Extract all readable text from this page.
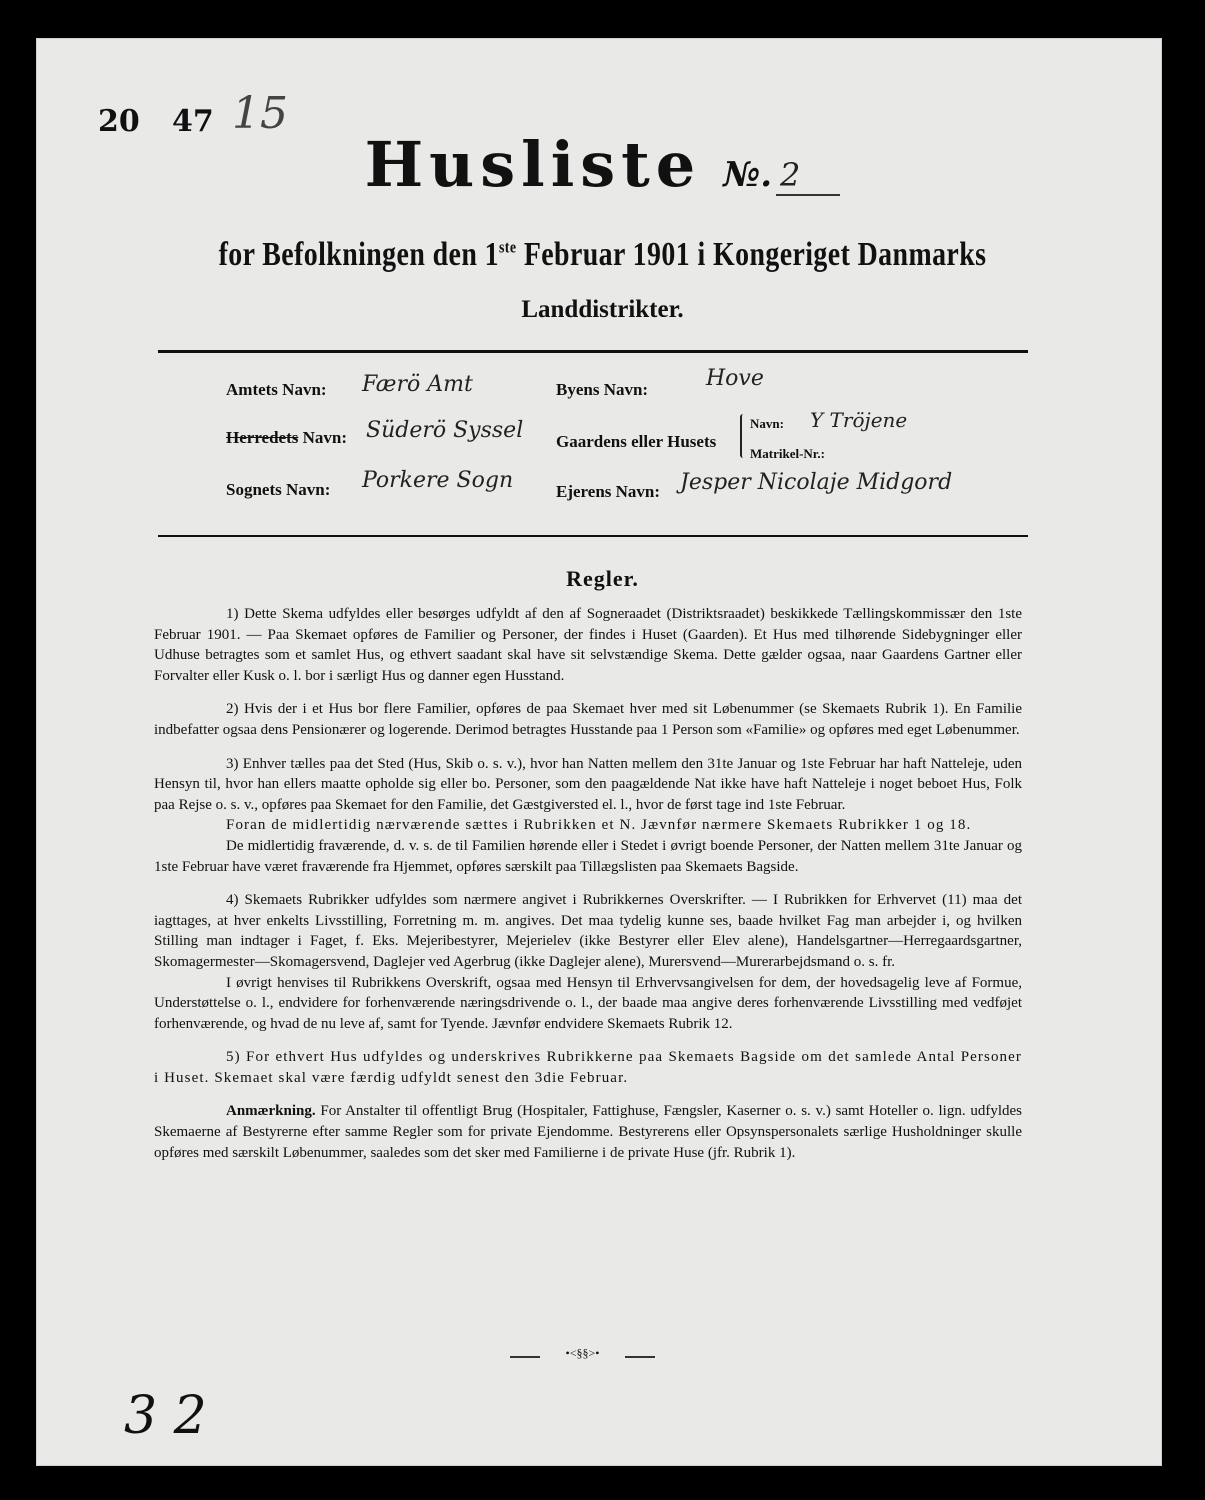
20 47 15
Husliste №. 2
for Befolkningen den 1ste Februar 1901 i Kongeriget Danmarks
Landdistrikter.
Amtets Navn: Færö Amt
Herredets Navn: Süderö Syssel
Sognets Navn: Porkere Sogn
Byens Navn:	Hove
Gaardens eller Husets
Navn: Y Tröjene
Matrikel-Nr.:
Ejerens Navn: Jesper Nicolaje Midgord
Regler.

1) Dette Skema udfyldes eller besørges udfyldt af den af Sogneraadet (Distriktsraadet) beskikkede Tællingskommissær den 1ste Februar 1901. — Paa Skemaet opføres de Familier og Personer, der findes i Huset (Gaarden). Et Hus med tilhørende Sidebygninger eller Udhuse betragtes som et samlet Hus, og ethvert saadant skal have sit selvstændige Skema. Dette gælder ogsaa, naar Gaardens Gartner eller Forvalter eller Kusk o. l. bor i særligt Hus og danner egen Husstand.

2) Hvis der i et Hus bor flere Familier, opføres de paa Skemaet hver med sit Løbenummer (se Skemaets Rubrik 1). En Familie indbefatter ogsaa dens Pensionærer og logerende. Derimod betragtes Husstande paa 1 Person som «Familie» og opføres med eget Løbenummer.

3) Enhver tælles paa det Sted (Hus, Skib o. s. v.), hvor han Natten mellem den 31te Januar og 1ste Februar har haft Natteleje, uden Hensyn til, hvor han ellers maatte opholde sig eller bo. Personer, som den paagældende Nat ikke have haft Natteleje i noget beboet Hus, Folk paa Rejse o. s. v., opføres paa Skemaet for den Familie, det Gæstgiversted el. l., hvor de først tage ind 1ste Februar.

Foran de midlertidig nærværende sættes i Rubrikken et N. Jævnfør nærmere Skemaets Rubrikker 1 og 18.

De midlertidig fraværende, d. v. s. de til Familien hørende eller i Stedet i øvrigt boende Personer, der Natten mellem 31te Januar og 1ste Februar have været fraværende fra Hjemmet, opføres særskilt paa Tillægslisten paa Skemaets Bagside.

4) Skemaets Rubrikker udfyldes som nærmere angivet i Rubrikkernes Overskrifter. — I Rubrikken for Erhvervet (11) maa det iagttages, at hver enkelts Livsstilling, Forretning m. m. angives. Det maa tydelig kunne ses, baade hvilket Fag man arbejder i, og hvilken Stilling man indtager i Faget, f. Eks. Mejeribestyrer, Mejerielev (ikke Bestyrer eller Elev alene), Handelsgartner—Herregaardsgartner, Skomagermester—Skomagersvend, Daglejer ved Agerbrug (ikke Daglejer alene), Murersvend—Murerarbejdsmand o. s. fr.

I øvrigt henvises til Rubrikkens Overskrift, ogsaa med Hensyn til Erhvervsangivelsen for dem, der hovedsagelig leve af Formue, Understøttelse o. l., endvidere for forhenværende næringsdrivende o. l., der baade maa angive deres forhenværende Livsstilling med vedføjet forhenværende, og hvad de nu leve af, samt for Tyende. Jævnfør endvidere Skemaets Rubrik 12.

5) For ethvert Hus udfyldes og underskrives Rubrikkerne paa Skemaets Bagside om det samlede Antal Personer i Huset. Skemaet skal være færdig udfyldt senest den 3die Februar.

Anmærkning. For Anstalter til offentligt Brug (Hospitaler, Fattighuse, Fængsler, Kaserner o. s. v.) samt Hoteller o. lign. udfyldes Skemaerne af Bestyrerne efter samme Regler som for private Ejendomme. Bestyrerens eller Opsynspersonalets særlige Husholdninger skulle opføres med særskilt Løbenummer, saaledes som det sker med Familierne i de private Huse (jfr. Rubrik 1).

•<§§>•
3 2
